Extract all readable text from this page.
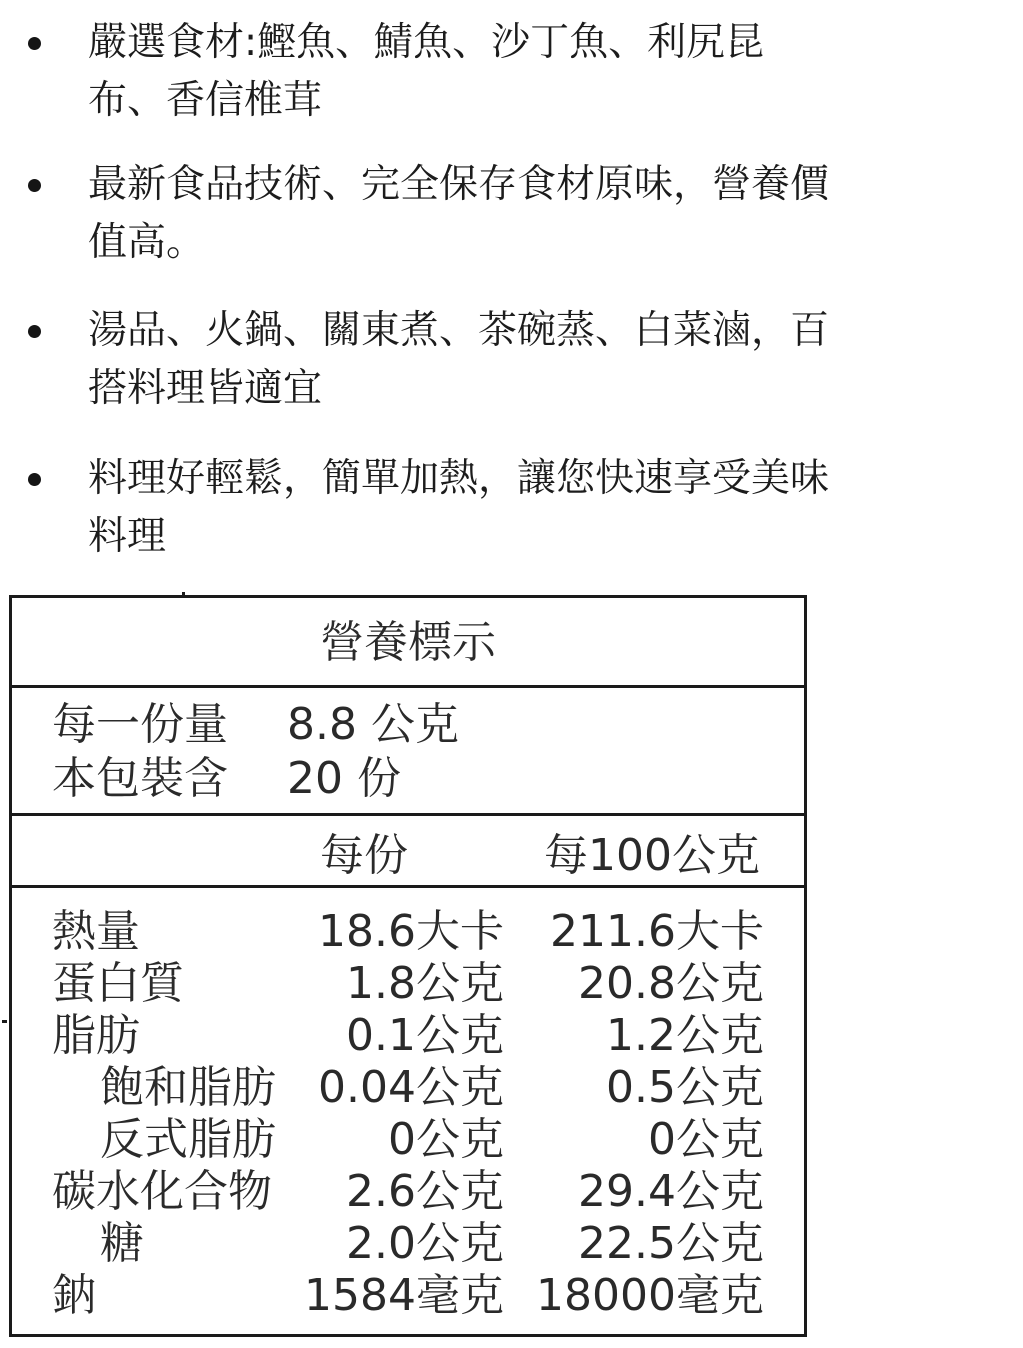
嚴選食材:鰹魚、鯖魚、沙丁魚、利尻昆
布、香信椎茸
最新食品技術、完全保存食材原味，營養價
值高。
湯品、火鍋、關東煮、茶碗蒸、白菜滷，百
搭料理皆適宜
料理好輕鬆，簡單加熱，讓您快速享受美味
料理
營養標示
每一份量 8.8 公克
本包裝含 20 份
每份	每100公克
熱量	18.6大卡 211.6大卡
蛋白質	1.8公克 20.8公克
脂肪	0.1公克 1.2公克
飽和脂肪 0.04公克 0.5公克
反式脂肪	0公克	0公克
碳水化合物 2.6公克 29.4公克
糖	2.0公克 22.5公克
鈉	1584毫克 18000毫克
